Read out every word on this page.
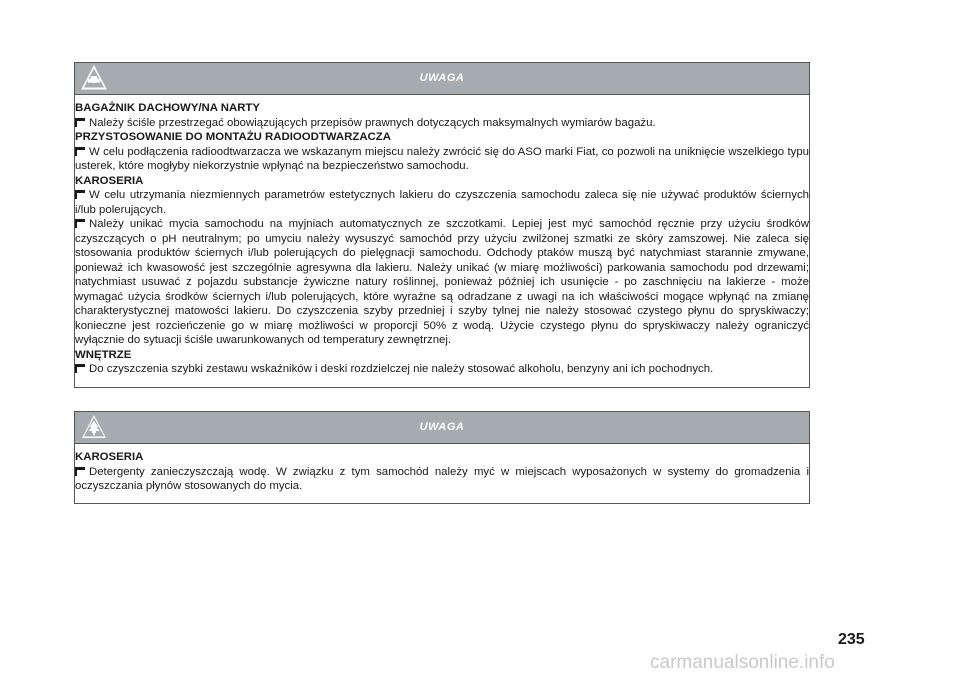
UWAGA
BAGAŻNIK DACHOWY/NA NARTY

Należy ściśle przestrzegać obowiązujących przepisów prawnych dotyczących maksymalnych wymiarów bagażu.

PRZYSTOSOWANIE DO MONTAŻU RADIOODTWARZACZA

W celu podłączenia radioodtwarzacza we wskazanym miejscu należy zwrócić się do ASO marki Fiat, co pozwoli na uniknięcie wszelkiego typu usterek, które mogłyby niekorzystnie wpłynąć na bezpieczeństwo samochodu.

KAROSERIA

W celu utrzymania niezmiennych parametrów estetycznych lakieru do czyszczenia samochodu zaleca się nie używać produktów ściernych i/lub polerujących.

Należy unikać mycia samochodu na myjniach automatycznych ze szczotkami. Lepiej jest myć samochód ręcznie przy użyciu środków czyszczących o pH neutralnym; po umyciu należy wysuszyć samochód przy użyciu zwilżonej szmatki ze skóry zamszowej. Nie zaleca się stosowania produktów ściernych i/lub polerujących do pielęgnacji samochodu. Odchody ptaków muszą być natychmiast starannie zmywane, ponieważ ich kwasowość jest szczególnie agresywna dla lakieru. Należy unikać (w miarę możliwości) parkowania samochodu pod drzewami; natychmiast usuwać z pojazdu substancje żywiczne natury roślinnej, ponieważ później ich usunięcie - po zaschnięciu na lakierze - może wymagać użycia środków ściernych i/lub polerujących, które wyraźne są odradzane z uwagi na ich właściwości mogące wpłynąć na zmianę charakterystycznej matowości lakieru. Do czyszczenia szyby przedniej i szyby tylnej nie należy stosować czystego płynu do spryskiwaczy; konieczne jest rozcieńczenie go w miarę możliwości w proporcji 50% z wodą. Użycie czystego płynu do spryskiwaczy należy ograniczyć wyłącznie do sytuacji ściśle uwarunkowanych od temperatury zewnętrznej.

WNĘTRZE

Do czyszczenia szybki zestawu wskaźników i deski rozdzielczej nie należy stosować alkoholu, benzyny ani ich pochodnych.

UWAGA
KAROSERIA

Detergenty zanieczyszczają wodę. W związku z tym samochód należy myć w miejscach wyposażonych w systemy do gromadzenia i oczyszczania płynów stosowanych do mycia.

235
carmanualsonline.info
